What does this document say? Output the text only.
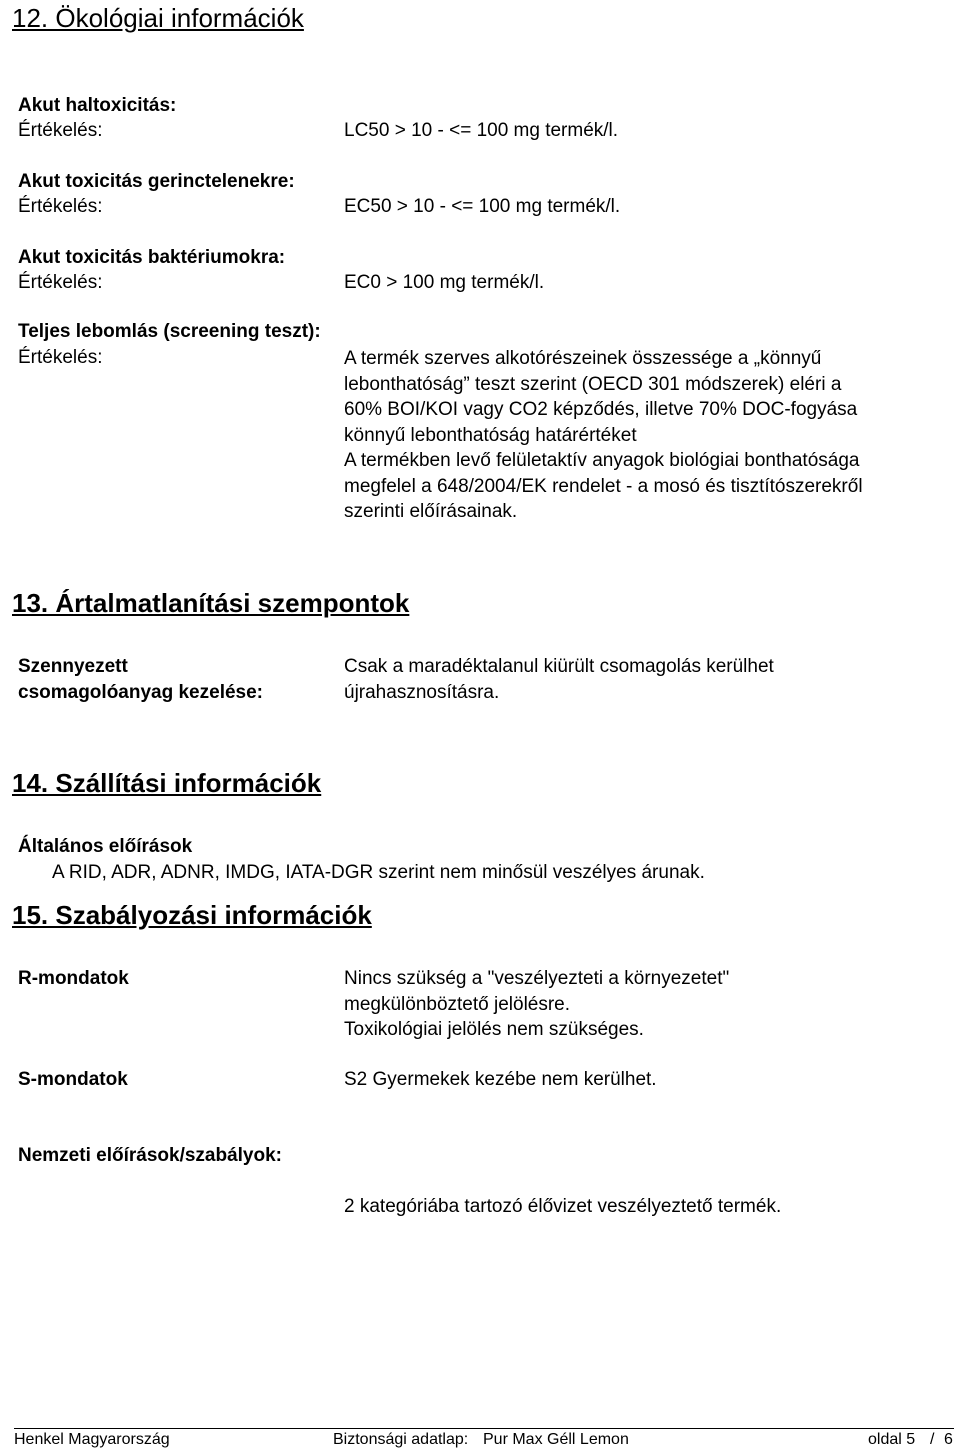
12. Ökológiai információk
Akut haltoxicitás:
Értékelés:	LC50 > 10 - <= 100 mg termék/l.
Akut toxicitás gerinctelenekre:
Értékelés:	EC50 > 10 - <= 100 mg termék/l.
Akut toxicitás baktériumokra:
Értékelés:	EC0 > 100 mg termék/l.
Teljes lebomlás (screening teszt):
Értékelés:	A termék szerves alkotórészeinek összessége a „könnyű
lebonthatóság” teszt szerint (OECD 301 módszerek) eléri a
60% BOI/KOI vagy CO2 képződés, illetve 70% DOC-fogyása
könnyű lebonthatóság határértéket
A termékben levő felületaktív anyagok biológiai bonthatósága
megfelel a 648/2004/EK rendelet - a mosó és tisztítószerekről
szerinti előírásainak.
13. Ártalmatlanítási szempontok
Szennyezett
csomagolóanyag kezelése:
Csak a maradéktalanul kiürült csomagolás kerülhet
újrahasznosításra.
14. Szállítási információk
Általános előírások
A RID, ADR, ADNR, IMDG, IATA-DGR szerint nem minősül veszélyes árunak.
15. Szabályozási információk
R-mondatok	Nincs szükség a "veszélyezteti a környezetet"
megkülönböztető jelölésre.
Toxikológiai jelölés nem szükséges.
S-mondatok	S2 Gyermekek kezébe nem kerülhet.
Nemzeti előírások/szabályok:
2 kategóriába tartozó élővizet veszélyeztető termék.
Henkel Magyarország	Biztonsági adatlap: Pur Max Géll Lemon	oldal 5 / 6
